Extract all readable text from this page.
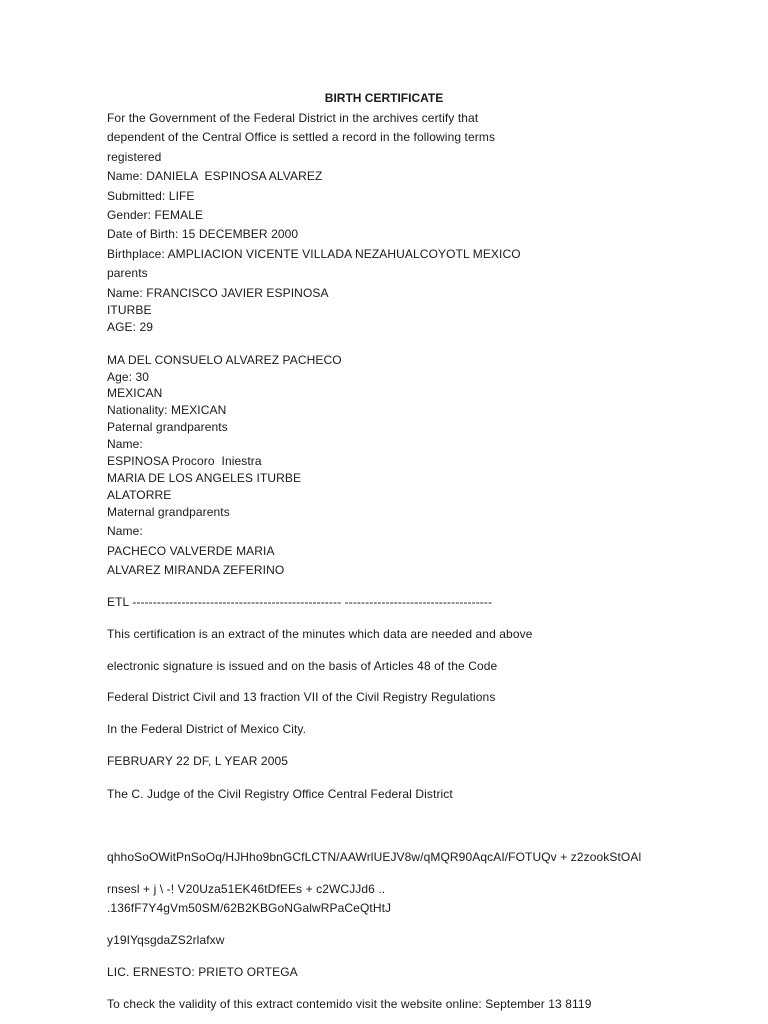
BIRTH CERTIFICATE
For the Government of the Federal District in the archives certify that
dependent of the Central Office is settled a record in the following terms
registered
Name: DANIELA  ESPINOSA ALVAREZ
Submitted: LIFE
Gender: FEMALE
Date of Birth: 15 DECEMBER 2000
Birthplace: AMPLIACION VICENTE VILLADA NEZAHUALCOYOTL MEXICO
parents
Name: FRANCISCO JAVIER ESPINOSA
ITURBE
AGE: 29
MA DEL CONSUELO ALVAREZ PACHECO
Age: 30
MEXICAN
Nationality: MEXICAN
Paternal grandparents
Name:
ESPINOSA Procoro  Iniestra
MARIA DE LOS ANGELES ITURBE
ALATORRE
Maternal grandparents
Name:
PACHECO VALVERDE MARIA
ALVAREZ MIRANDA ZEFERINO
ETL --------------------------------------------------- ------------------------------------
This certification is an extract of the minutes which data are needed and above
electronic signature is issued and on the basis of Articles 48 of the Code
Federal District Civil and 13 fraction VII of the Civil Registry Regulations
In the Federal District of Mexico City.
FEBRUARY 22 DF, L YEAR 2005
The C. Judge of the Civil Registry Office Central Federal District
qhhoSoOWitPnSoOq/HJHho9bnGCfLCTN/AAWrlUEJV8w/qMQR90AqcAI/FOTUQv + z2zookStOAl
rnsesl + j \ -! V20Uza51EK46tDfEEs + c2WCJJd6 ..
.136fF7Y4gVm50SM/62B2KBGoNGalwRPaCeQtHtJ
y19IYqsgdaZS2rlafxw
LIC. ERNESTO: PRIETO ORTEGA
To check the validity of this extract contemido visit the website online: September 13 8119
